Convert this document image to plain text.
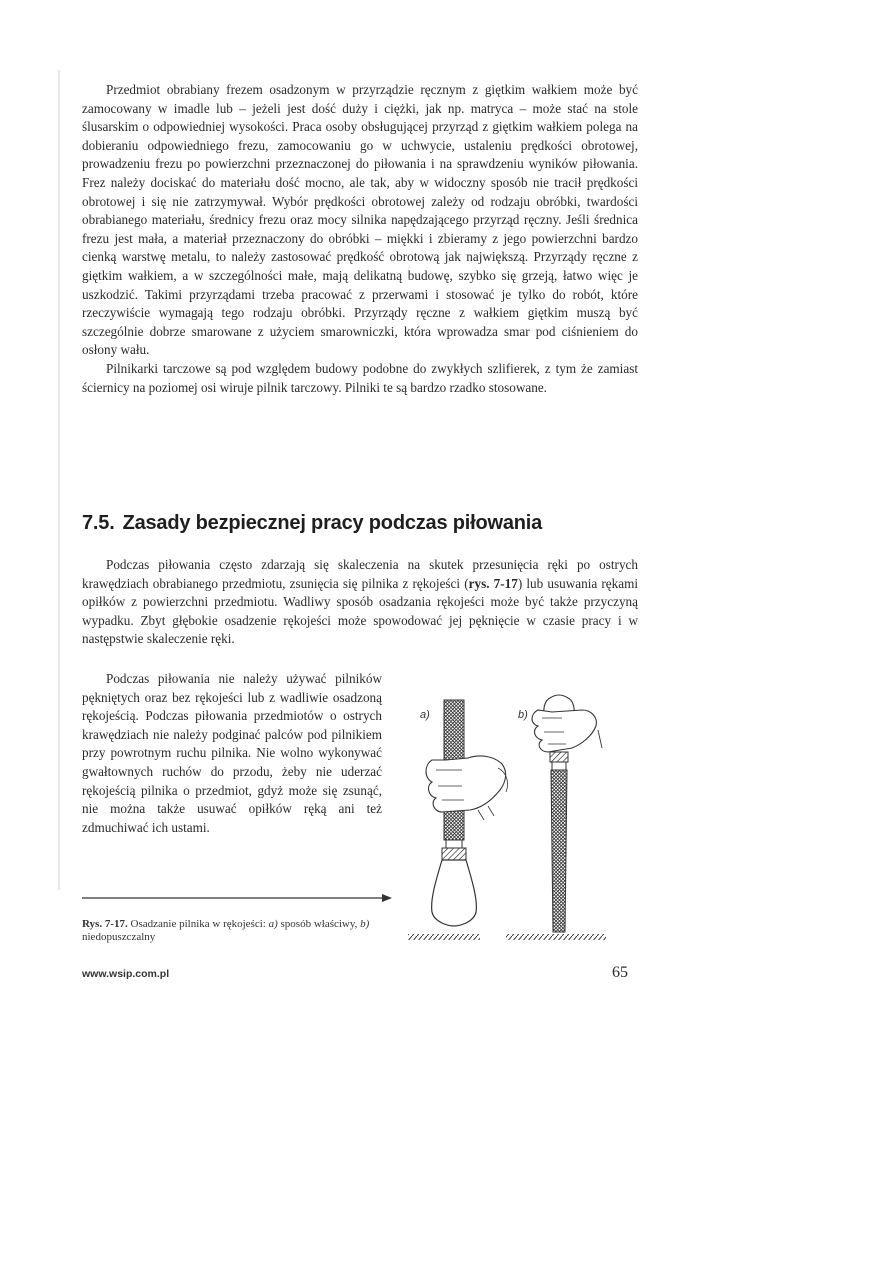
Przedmiot obrabiany frezem osadzonym w przyrządzie ręcznym z giętkim wałkiem może być zamocowany w imadle lub – jeżeli jest dość duży i ciężki, jak np. matryca – może stać na stole ślusarskim o odpowiedniej wysokości. Praca osoby obsługującej przyrząd z giętkim wałkiem polega na dobieraniu odpowiedniego frezu, zamocowaniu go w uchwycie, ustaleniu prędkości obrotowej, prowadzeniu frezu po powierzchni przeznaczonej do piłowania i na sprawdzeniu wyników piłowania. Frez należy dociskać do materiału dość mocno, ale tak, aby w widoczny sposób nie tracił prędkości obrotowej i się nie zatrzymywał. Wybór prędkości obrotowej zależy od rodzaju obróbki, twardości obrabianego materiału, średnicy frezu oraz mocy silnika napędzającego przyrząd ręczny. Jeśli średnica frezu jest mała, a materiał przeznaczony do obróbki – miękki i zbieramy z jego powierzchni bardzo cienką warstwę metalu, to należy zastosować prędkość obrotową jak największą. Przyrządy ręczne z giętkim wałkiem, a w szczególności małe, mają delikatną budowę, szybko się grzeją, łatwo więc je uszkodzić. Takimi przyrządami trzeba pracować z przerwami i stosować je tylko do robót, które rzeczywiście wymagają tego rodzaju obróbki. Przyrządy ręczne z wałkiem giętkim muszą być szczególnie dobrze smarowane z użyciem smarowniczki, która wprowadza smar pod ciśnieniem do osłony wału.

Pilnikarki tarczowe są pod względem budowy podobne do zwykłych szlifierek, z tym że zamiast ściernicy na poziomej osi wiruje pilnik tarczowy. Pilniki te są bardzo rzadko stosowane.

7.5. Zasady bezpiecznej pracy podczas piłowania

Podczas piłowania często zdarzają się skaleczenia na skutek przesunięcia ręki po ostrych krawędziach obrabianego przedmiotu, zsunięcia się pilnika z rękojeści (rys. 7-17) lub usuwania rękami opiłków z powierzchni przedmiotu. Wadliwy sposób osadzania rękojeści może być także przyczyną wypadku. Zbyt głębokie osadzenie rękojeści może spowodować jej pęknięcie w czasie pracy i w następstwie skaleczenie ręki.

Podczas piłowania nie należy używać pilników pękniętych oraz bez rękojeści lub z wadliwie osadzoną rękojeścią. Podczas piłowania przedmiotów o ostrych krawędziach nie należy podginać palców pod pilnikiem przy powrotnym ruchu pilnika. Nie wolno wykonywać gwałtownych ruchów do przodu, żeby nie uderzać rękojeścią pilnika o przedmiot, gdyż może się zsunąć, nie można także usuwać opiłków ręką ani też zdmuchiwać ich ustami.

Rys. 7-17. Osadzanie pilnika w rękojeści: a) sposób właściwy, b) niedopuszczalny
a)	b)
www.wsip.com.pl	65
